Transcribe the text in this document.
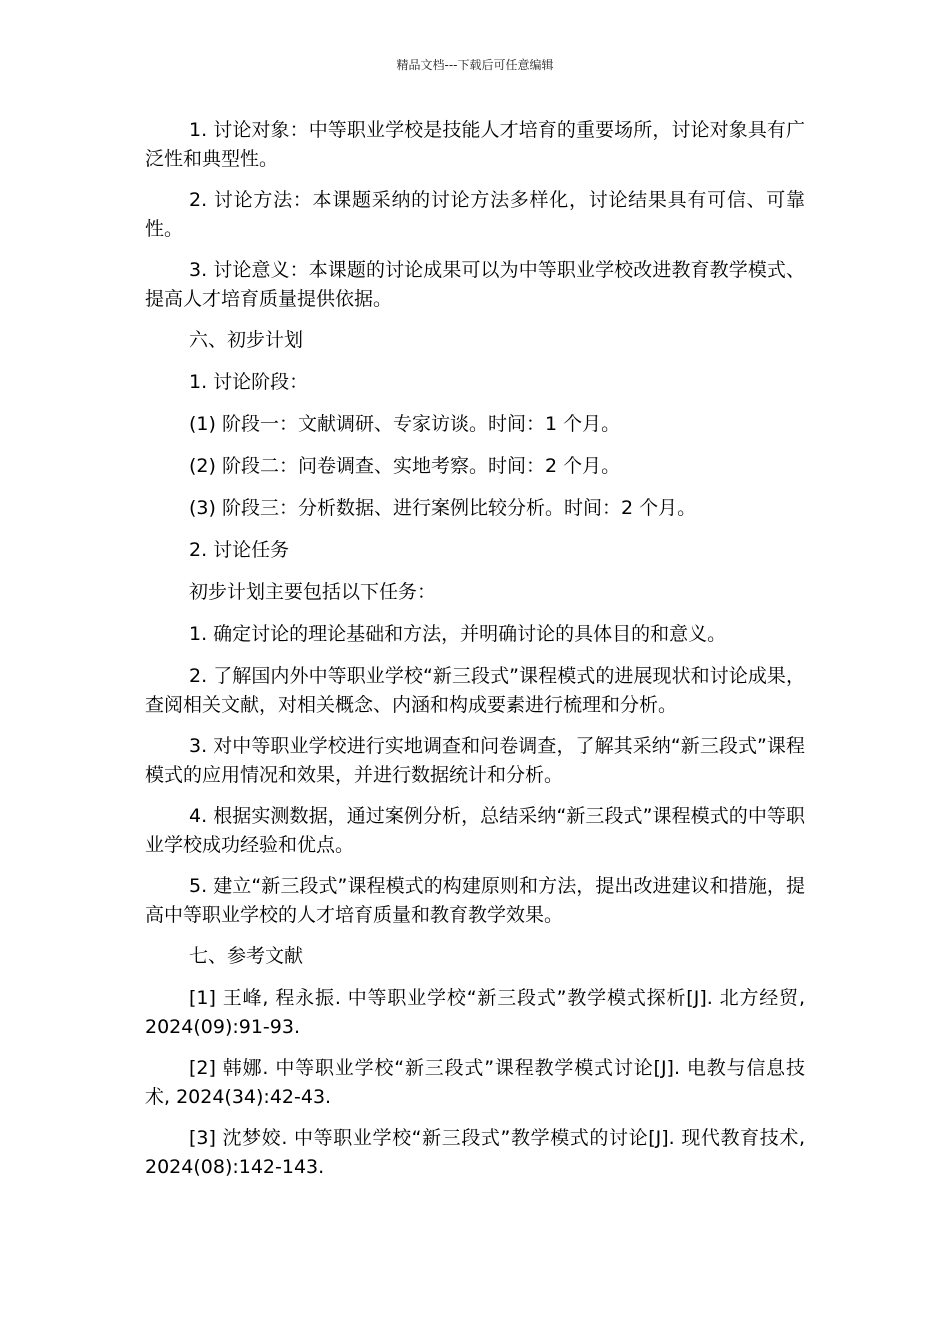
精品文档---下载后可任意编辑

1. 讨论对象：中等职业学校是技能人才培育的重要场所，讨论对象具有广泛性和典型性。

2. 讨论方法：本课题采纳的讨论方法多样化，讨论结果具有可信、可靠性。

3. 讨论意义：本课题的讨论成果可以为中等职业学校改进教育教学模式、提高人才培育质量提供依据。

六、初步计划

1. 讨论阶段：

(1) 阶段一：文献调研、专家访谈。时间：1 个月。

(2) 阶段二：问卷调查、实地考察。时间：2 个月。

(3) 阶段三：分析数据、进行案例比较分析。时间：2 个月。

2. 讨论任务

初步计划主要包括以下任务：

1. 确定讨论的理论基础和方法，并明确讨论的具体目的和意义。

2. 了解国内外中等职业学校“新三段式”课程模式的进展现状和讨论成果，查阅相关文献，对相关概念、内涵和构成要素进行梳理和分析。

3. 对中等职业学校进行实地调查和问卷调查，了解其采纳“新三段式”课程模式的应用情况和效果，并进行数据统计和分析。

4. 根据实测数据，通过案例分析，总结采纳“新三段式”课程模式的中等职业学校成功经验和优点。

5. 建立“新三段式”课程模式的构建原则和方法，提出改进建议和措施，提高中等职业学校的人才培育质量和教育教学效果。

七、参考文献

[1] 王峰, 程永振. 中等职业学校“新三段式”教学模式探析[J]. 北方经贸, 2024(09):91-93.

[2] 韩娜. 中等职业学校“新三段式”课程教学模式讨论[J]. 电教与信息技术, 2024(34):42-43.

[3] 沈梦姣. 中等职业学校“新三段式”教学模式的讨论[J]. 现代教育技术, 2024(08):142-143.
